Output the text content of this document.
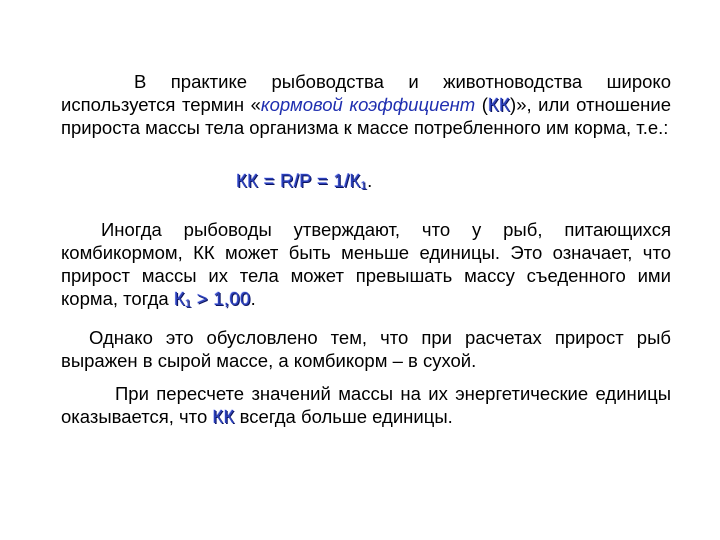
В практике рыбоводства и животноводства широко используется термин «кормовой коэффициент (КК)», или отношение прироста массы тела организма к массе потребленного им корма, т.е.:

КК = $R/P = 1/К_1$.

Иногда рыбоводы утверждают, что у рыб, питающихся комбикормом, КК может быть меньше единицы. Это означает, что прирост массы их тела может превышать массу съеденного ими корма, тогда $К_1 > 1,00$.

Однако это обусловлено тем, что при расчетах прирост рыб выражен в сырой массе, а комбикорм – в сухой.

При пересчете значений массы на их энергетические единицы оказывается, что КК всегда больше единицы.
